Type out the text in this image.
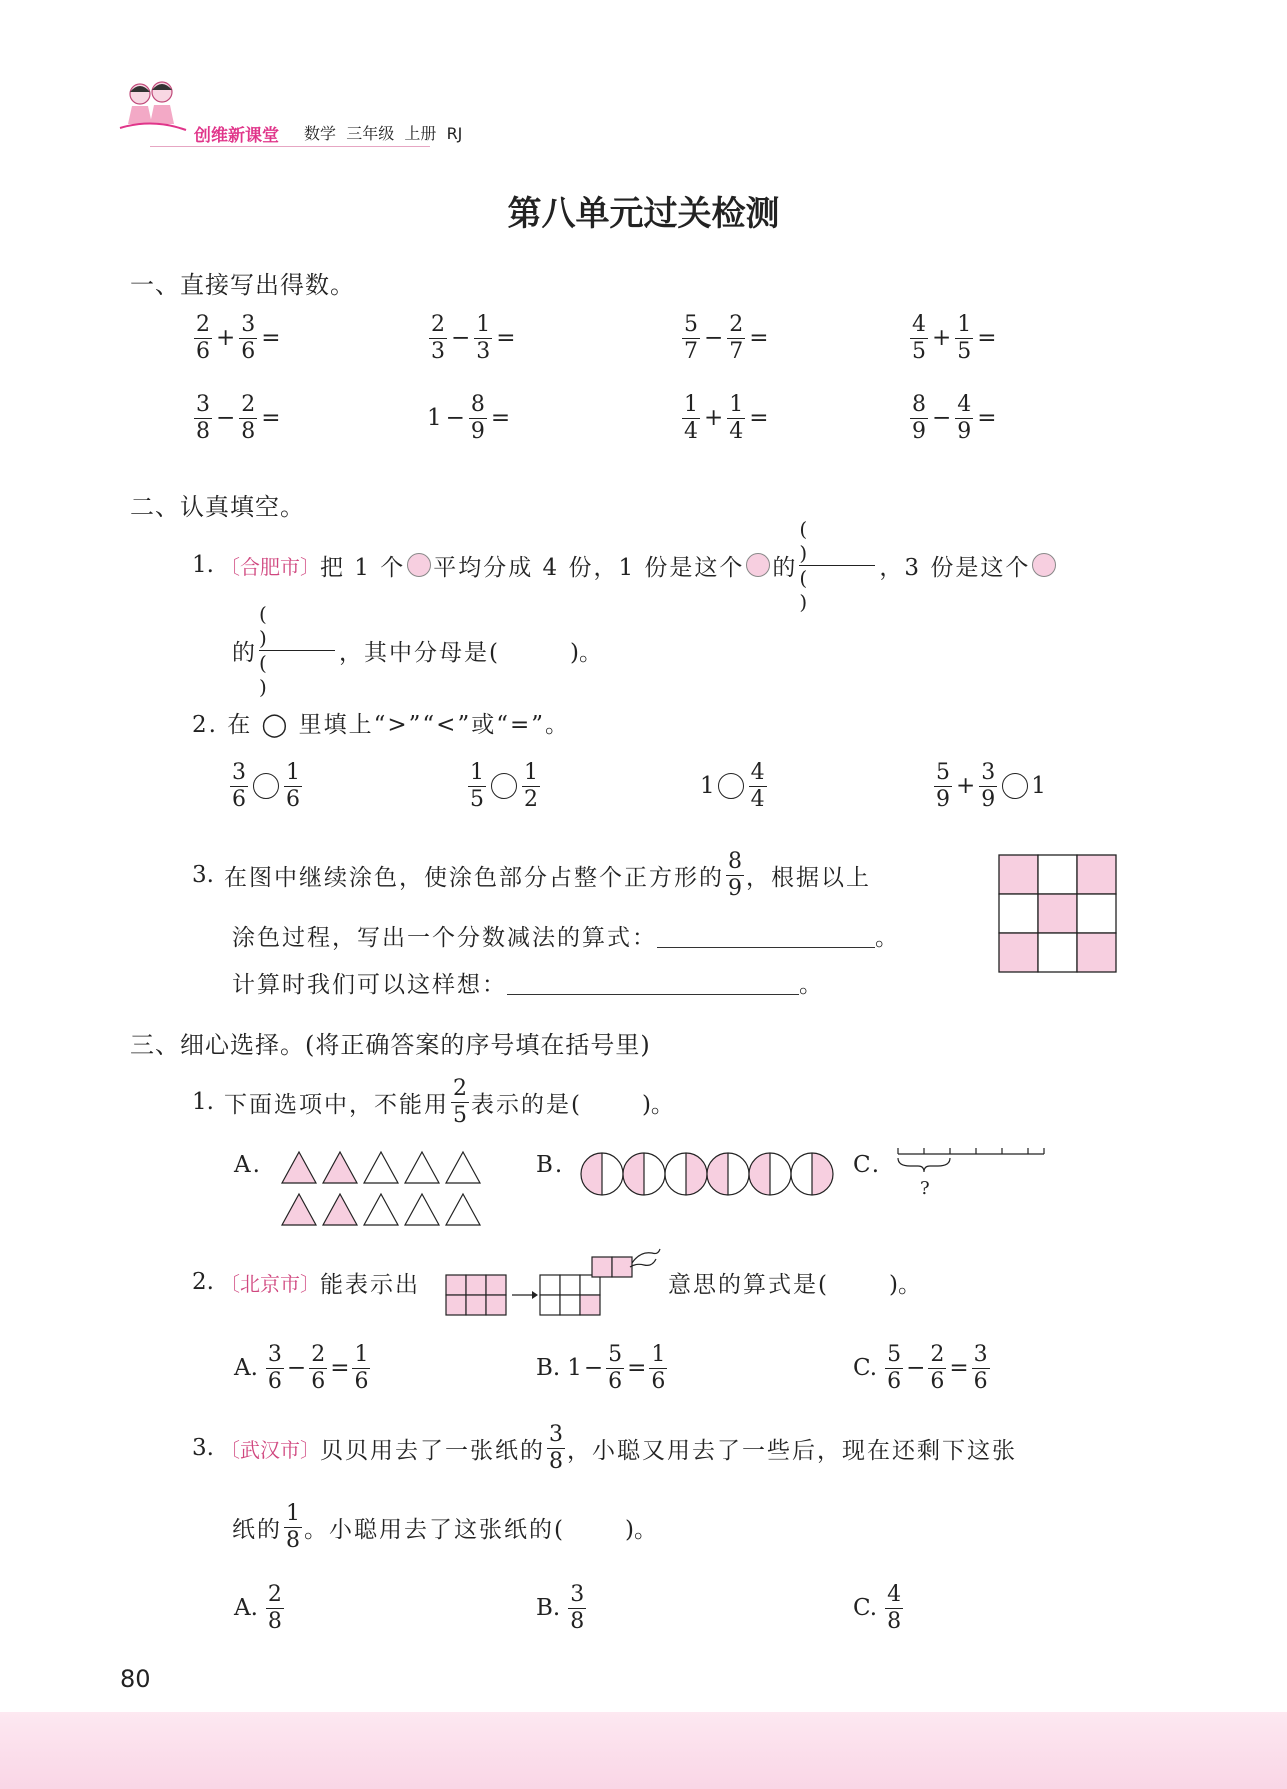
创维新课堂 数学 三年级 上册 RJ
第八单元过关检测
一、直接写出得数。
$\frac{2}{6} + \frac{3}{6}$ =	$\frac{2}{3} - \frac{1}{3}$ =	$\frac{5}{7} - \frac{2}{7}$ =	$\frac{4}{5} + \frac{1}{5}$ =
$\frac{3}{8} - \frac{2}{8}$ =	$1 - \frac{8}{9}$ =	$\frac{1}{4} + \frac{1}{4}$ =	$\frac{8}{9} - \frac{4}{9}$ =
二、认真填空。
1. 〔合肥市〕 把 1 个 平均分成 4 份，1 份是这个 的
(
)
(
)
，3 份是这个
的
(
)
(
)
，其中分母是(	)。
2. 在 ◯ 里填上“>”“<”或“=”。
$\frac{3}{6} \frac{1}{6}$	$\frac{1}{5} \frac{1}{2}$	$1 \frac{4}{4}$	$\frac{5}{9} + \frac{3}{9} 1$
3. 在图中继续涂色，使涂色部分占整个正方形的 $\frac{8}{9}$ ，根据以上
涂色过程，写出一个分数减法的算式：	。
计算时我们可以这样想：	。
三、细心选择。(将正确答案的序号填在括号里)
1. 下面选项中，不能用 $\frac{2}{5}$ 表示的是(	)。
A.	B.	C.
?
2. 〔北京市〕 能表示出	意思的算式是(	)。
A. $\frac{3}{6} - \frac{2}{6} = \frac{1}{6}$	B. $1 - \frac{5}{6} = \frac{1}{6}$	C. $\frac{5}{6} - \frac{2}{6} = \frac{3}{6}$
3. 〔武汉市〕 贝贝用去了一张纸的 $\frac{3}{8}$ ，小聪又用去了一些后，现在还剩下这张
纸的 $\frac{1}{8}$ 。小聪用去了这张纸的(	)。
A. $\frac{2}{8}$	B. $\frac{3}{8}$	C. $\frac{4}{8}$
80
